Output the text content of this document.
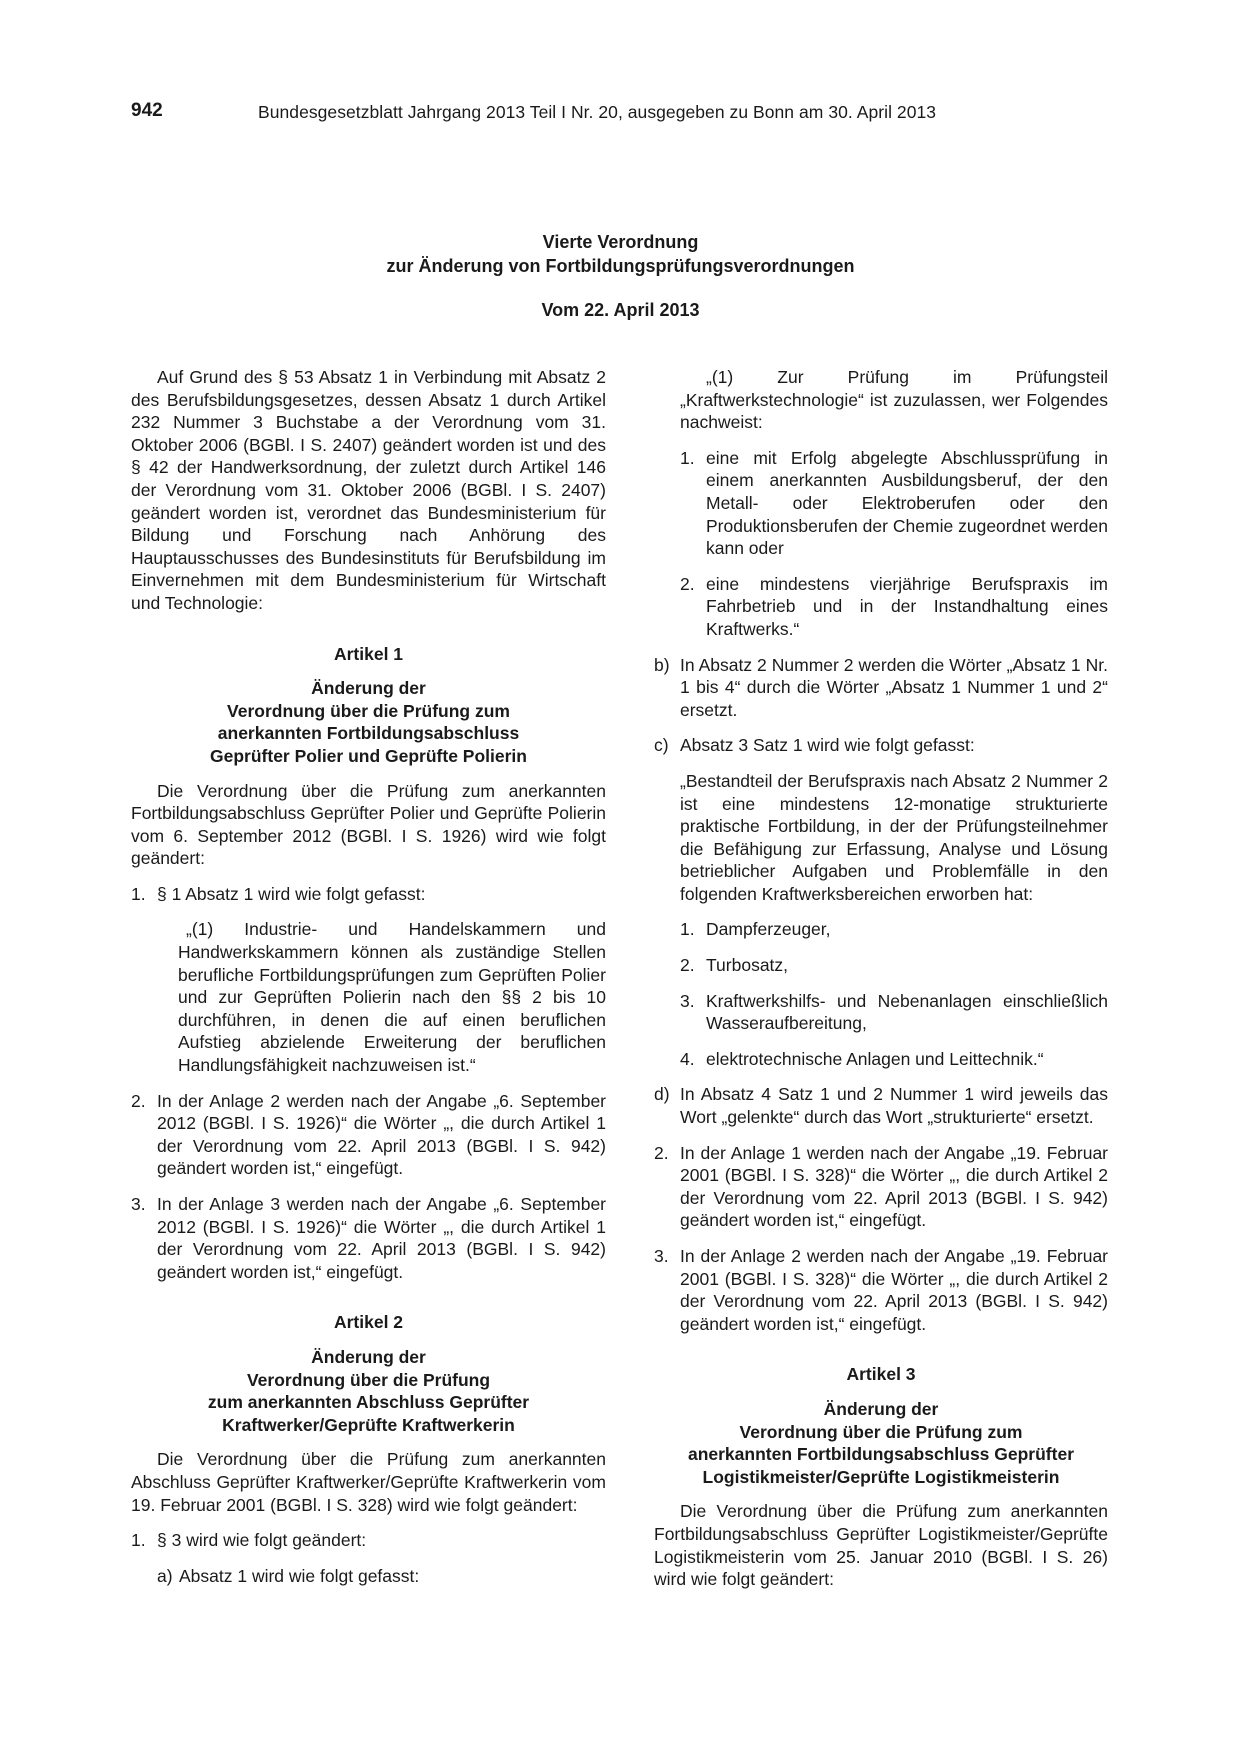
942	Bundesgesetzblatt Jahrgang 2013 Teil I Nr. 20, ausgegeben zu Bonn am 30. April 2013
Vierte Verordnung
zur Änderung von Fortbildungsprüfungsverordnungen
Vom 22. April 2013

Auf Grund des § 53 Absatz 1 in Verbindung mit Absatz 2 des Berufsbildungsgesetzes, dessen Absatz 1 durch Artikel 232 Nummer 3 Buchstabe a der Verordnung vom 31. Oktober 2006 (BGBl. I S. 2407) geändert worden ist und des § 42 der Handwerksordnung, der zuletzt durch Artikel 146 der Verordnung vom 31. Oktober 2006 (BGBl. I S. 2407) geändert worden ist, verordnet das Bundesministerium für Bildung und Forschung nach Anhörung des Hauptausschusses des Bundesinstituts für Berufsbildung im Einvernehmen mit dem Bundesministerium für Wirtschaft und Technologie:

Artikel 1
Änderung der
Verordnung über die Prüfung zum
anerkannten Fortbildungsabschluss
Geprüfter Polier und Geprüfte Polierin

Die Verordnung über die Prüfung zum anerkannten Fortbildungsabschluss Geprüfter Polier und Geprüfte Polierin vom 6. September 2012 (BGBl. I S. 1926) wird wie folgt geändert:

1. § 1 Absatz 1 wird wie folgt gefasst:

„(1) Industrie- und Handelskammern und Handwerkskammern können als zuständige Stellen berufliche Fortbildungsprüfungen zum Geprüften Polier und zur Geprüften Polierin nach den §§ 2 bis 10 durchführen, in denen die auf einen beruflichen Aufstieg abzielende Erweiterung der beruflichen Handlungsfähigkeit nachzuweisen ist.“

2. In der Anlage 2 werden nach der Angabe „6. September 2012 (BGBl. I S. 1926)“ die Wörter „, die durch Artikel 1 der Verordnung vom 22. April 2013 (BGBl. I S. 942) geändert worden ist,“ eingefügt.
3. In der Anlage 3 werden nach der Angabe „6. September 2012 (BGBl. I S. 1926)“ die Wörter „, die durch Artikel 1 der Verordnung vom 22. April 2013 (BGBl. I S. 942) geändert worden ist,“ eingefügt.
Artikel 2
Änderung der
Verordnung über die Prüfung
zum anerkannten Abschluss Geprüfter
Kraftwerker/Geprüfte Kraftwerkerin

Die Verordnung über die Prüfung zum anerkannten Abschluss Geprüfter Kraftwerker/Geprüfte Kraftwerkerin vom 19. Februar 2001 (BGBl. I S. 328) wird wie folgt geändert:

1. § 3 wird wie folgt geändert:
a) Absatz 1 wird wie folgt gefasst:

„(1) Zur Prüfung im Prüfungsteil „Kraftwerkstechnologie“ ist zuzulassen, wer Folgendes nachweist:

1. eine mit Erfolg abgelegte Abschlussprüfung in einem anerkannten Ausbildungsberuf, der den Metall- oder Elektroberufen oder den Produktionsberufen der Chemie zugeordnet werden kann oder
2. eine mindestens vierjährige Berufspraxis im Fahrbetrieb und in der Instandhaltung eines Kraftwerks.“
b) In Absatz 2 Nummer 2 werden die Wörter „Absatz 1 Nr. 1 bis 4“ durch die Wörter „Absatz 1 Nummer 1 und 2“ ersetzt.
c) Absatz 3 Satz 1 wird wie folgt gefasst:

„Bestandteil der Berufspraxis nach Absatz 2 Nummer 2 ist eine mindestens 12-monatige strukturierte praktische Fortbildung, in der der Prüfungsteilnehmer die Befähigung zur Erfassung, Analyse und Lösung betrieblicher Aufgaben und Problemfälle in den folgenden Kraftwerksbereichen erworben hat:

1. Dampferzeuger,
2. Turbosatz,
3. Kraftwerkshilfs- und Nebenanlagen einschließlich Wasseraufbereitung,
4. elektrotechnische Anlagen und Leittechnik.“
d) In Absatz 4 Satz 1 und 2 Nummer 1 wird jeweils das Wort „gelenkte“ durch das Wort „strukturierte“ ersetzt.
2. In der Anlage 1 werden nach der Angabe „19. Februar 2001 (BGBl. I S. 328)“ die Wörter „, die durch Artikel 2 der Verordnung vom 22. April 2013 (BGBl. I S. 942) geändert worden ist,“ eingefügt.
3. In der Anlage 2 werden nach der Angabe „19. Februar 2001 (BGBl. I S. 328)“ die Wörter „, die durch Artikel 2 der Verordnung vom 22. April 2013 (BGBl. I S. 942) geändert worden ist,“ eingefügt.
Artikel 3
Änderung der
Verordnung über die Prüfung zum
anerkannten Fortbildungsabschluss Geprüfter
Logistikmeister/Geprüfte Logistikmeisterin

Die Verordnung über die Prüfung zum anerkannten Fortbildungsabschluss Geprüfter Logistikmeister/Geprüfte Logistikmeisterin vom 25. Januar 2010 (BGBl. I S. 26) wird wie folgt geändert:
